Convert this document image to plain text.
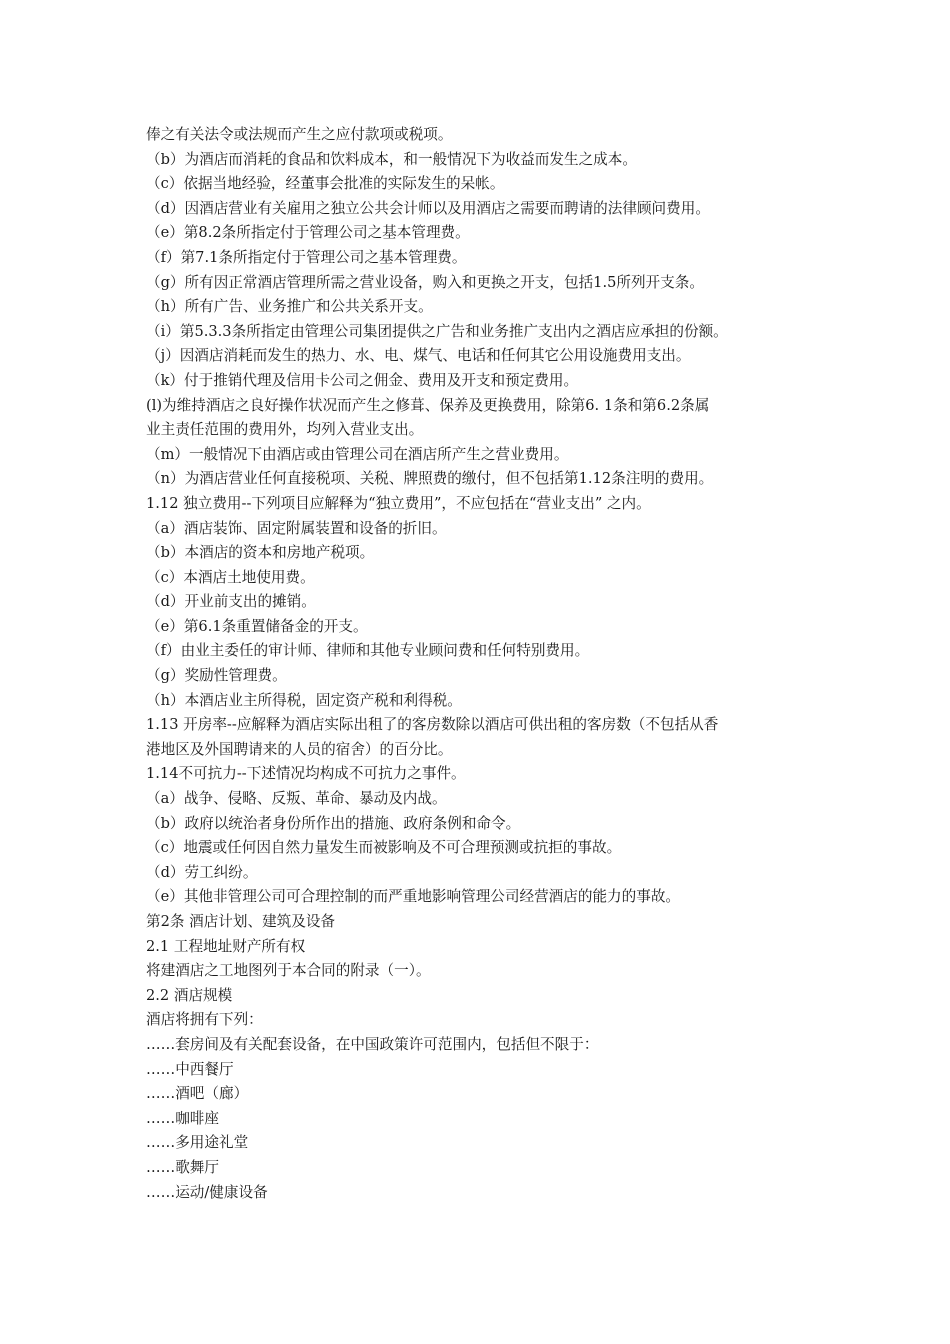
俸之有关法令或法规而产生之应付款项或税项。
（b）为酒店而消耗的食品和饮料成本，和一般情况下为收益而发生之成本。
（c）依据当地经验，经董事会批准的实际发生的呆帐。
（d）因酒店营业有关雇用之独立公共会计师以及用酒店之需要而聘请的法律顾问费用。
（e）第8.2条所指定付于管理公司之基本管理费。
（f）第7.1条所指定付于管理公司之基本管理费。
（g）所有因正常酒店管理所需之营业设备，购入和更换之开支，包括1.5所列开支条。
（h）所有广告、业务推广和公共关系开支。
（i）第5.3.3条所指定由管理公司集团提供之广告和业务推广支出内之酒店应承担的份额。
（j）因酒店消耗而发生的热力、水、电、煤气、电话和任何其它公用设施费用支出。
（k）付于推销代理及信用卡公司之佣金、费用及开支和预定费用。
(l)为维持酒店之良好操作状况而产生之修葺、保养及更换费用，除第6. 1条和第6.2条属
业主责任范围的费用外，均列入营业支出。
（m）一般情况下由酒店或由管理公司在酒店所产生之营业费用。
（n）为酒店营业任何直接税项、关税、牌照费的缴付，但不包括第1.12条注明的费用。
1.12 独立费用--下列项目应解释为“独立费用”，不应包括在“营业支出” 之内。
（a）酒店装饰、固定附属装置和设备的折旧。
（b）本酒店的资本和房地产税项。
（c）本酒店土地使用费。
（d）开业前支出的摊销。
（e）第6.1条重置储备金的开支。
（f）由业主委任的审计师、律师和其他专业顾问费和任何特别费用。
（g）奖励性管理费。
（h）本酒店业主所得税，固定资产税和利得税。
1.13 开房率--应解释为酒店实际出租了的客房数除以酒店可供出租的客房数（不包括从香
港地区及外国聘请来的人员的宿舍）的百分比。
1.14不可抗力--下述情况均构成不可抗力之事件。
（a）战争、侵略、反叛、革命、暴动及内战。
（b）政府以统治者身份所作出的措施、政府条例和命令。
（c）地震或任何因自然力量发生而被影响及不可合理预测或抗拒的事故。
（d）劳工纠纷。
（e）其他非管理公司可合理控制的而严重地影响管理公司经营酒店的能力的事故。
第2条 酒店计划、建筑及设备
2.1 工程地址财产所有权
将建酒店之工地图列于本合同的附录（一）。
2.2 酒店规模
酒店将拥有下列：
……套房间及有关配套设备，在中国政策许可范围内，包括但不限于：
……中西餐厅
……酒吧（廊）
……咖啡座
……多用途礼堂
……歌舞厅
……运动/健康设备
